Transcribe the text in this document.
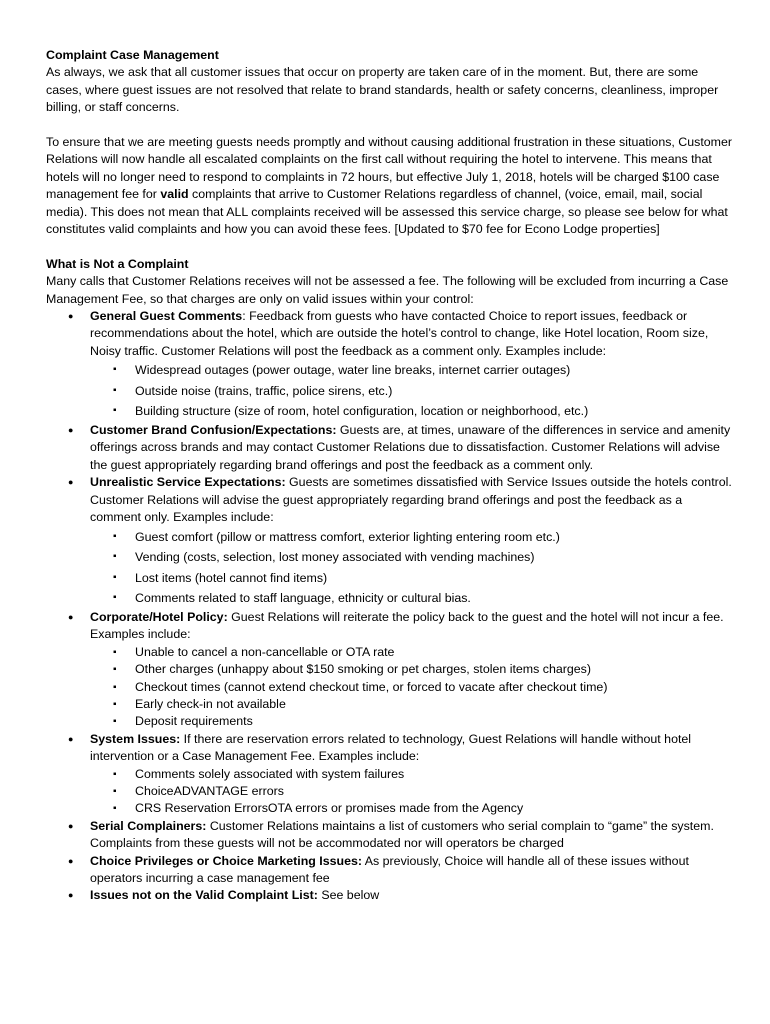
Complaint Case Management

As always, we ask that all customer issues that occur on property are taken care of in the moment. But, there are some cases, where guest issues are not resolved that relate to brand standards, health or safety concerns, cleanliness, improper billing, or staff concerns.

To ensure that we are meeting guests needs promptly and without causing additional frustration in these situations, Customer Relations will now handle all escalated complaints on the first call without requiring the hotel to intervene. This means that hotels will no longer need to respond to complaints in 72 hours, but effective July 1, 2018, hotels will be charged $100 case management fee for valid complaints that arrive to Customer Relations regardless of channel, (voice, email, mail, social media). This does not mean that ALL complaints received will be assessed this service charge, so please see below for what constitutes valid complaints and how you can avoid these fees. [Updated to $70 fee for Econo Lodge properties]

What is Not a Complaint

Many calls that Customer Relations receives will not be assessed a fee. The following will be excluded from incurring a Case Management Fee, so that charges are only on valid issues within your control:

● General Guest Comments: Feedback from guests who have contacted Choice to report issues, feedback or recommendations about the hotel, which are outside the hotel’s control to change, like Hotel location, Room size, Noisy traffic. Customer Relations will post the feedback as a comment only. Examples include:
▪ Widespread outages (power outage, water line breaks, internet carrier outages)
▪ Outside noise (trains, traffic, police sirens, etc.)
▪ Building structure (size of room, hotel configuration, location or neighborhood, etc.)
● Customer Brand Confusion/Expectations: Guests are, at times, unaware of the differences in service and amenity offerings across brands and may contact Customer Relations due to dissatisfaction. Customer Relations will advise the guest appropriately regarding brand offerings and post the feedback as a comment only.
● Unrealistic Service Expectations: Guests are sometimes dissatisfied with Service Issues outside the hotels control. Customer Relations will advise the guest appropriately regarding brand offerings and post the feedback as a comment only. Examples include:
▪ Guest comfort (pillow or mattress comfort, exterior lighting entering room etc.)
▪ Vending (costs, selection, lost money associated with vending machines)
▪ Lost items (hotel cannot find items)
▪ Comments related to staff language, ethnicity or cultural bias.
● Corporate/Hotel Policy: Guest Relations will reiterate the policy back to the guest and the hotel will not incur a fee. Examples include:
▪ Unable to cancel a non-cancellable or OTA rate
▪ Other charges (unhappy about $150 smoking or pet charges, stolen items charges)
▪ Checkout times (cannot extend checkout time, or forced to vacate after checkout time)
▪ Early check-in not available
▪ Deposit requirements
● System Issues: If there are reservation errors related to technology, Guest Relations will handle without hotel intervention or a Case Management Fee. Examples include:
▪ Comments solely associated with system failures
▪ ChoiceADVANTAGE errors
▪ CRS Reservation ErrorsOTA errors or promises made from the Agency
● Serial Complainers: Customer Relations maintains a list of customers who serial complain to “game” the system. Complaints from these guests will not be accommodated nor will operators be charged
● Choice Privileges or Choice Marketing Issues: As previously, Choice will handle all of these issues without operators incurring a case management fee
● Issues not on the Valid Complaint List: See below
